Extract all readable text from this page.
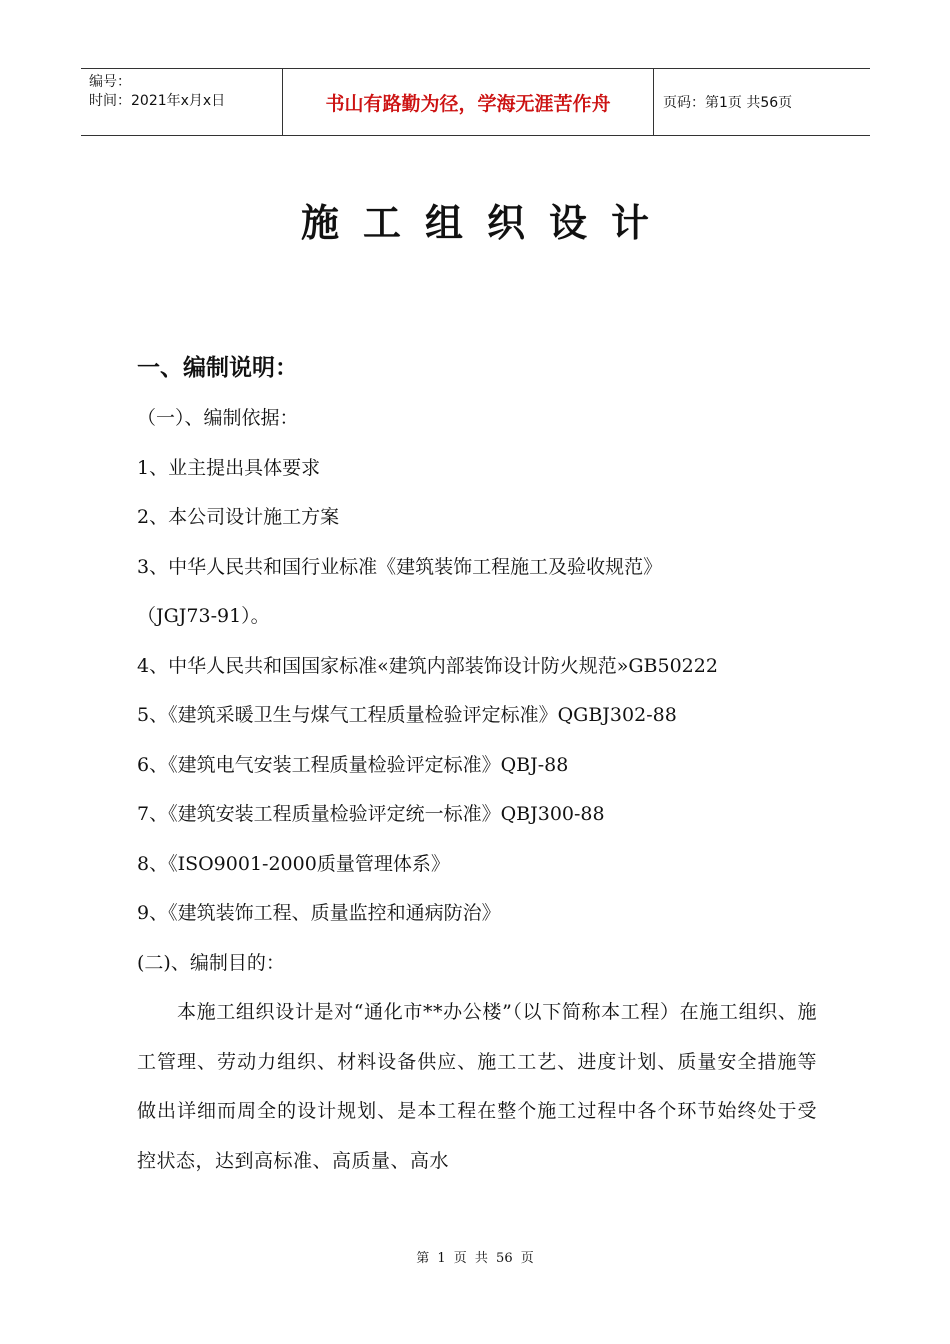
编号：
时间：2021年x月x日	书山有路勤为径，学海无涯苦作舟	页码：第1页 共56页
施工组织设计
一、编制说明：

（一）、编制依据：

1、业主提出具体要求

2、本公司设计施工方案

3、中华人民共和国行业标准《建筑装饰工程施工及验收规范》

（JGJ73-91）。

4、中华人民共和国国家标准«建筑内部装饰设计防火规范»GB50222

5、《建筑采暖卫生与煤气工程质量检验评定标准》QGBJ302-88

6、《建筑电气安装工程质量检验评定标准》QBJ-88

7、《建筑安装工程质量检验评定统一标准》QBJ300-88

8、《ISO9001-2000质量管理体系》

9、《建筑装饰工程、质量监控和通病防治》

(二)、编制目的：

本施工组织设计是对“通化市**办公楼”（以下简称本工程）在施工组织、施工管理、劳动力组织、材料设备供应、施工工艺、进度计划、质量安全措施等做出详细而周全的设计规划、是本工程在整个施工过程中各个环节始终处于受控状态，达到高标准、高质量、高水

第 1 页 共 56 页
